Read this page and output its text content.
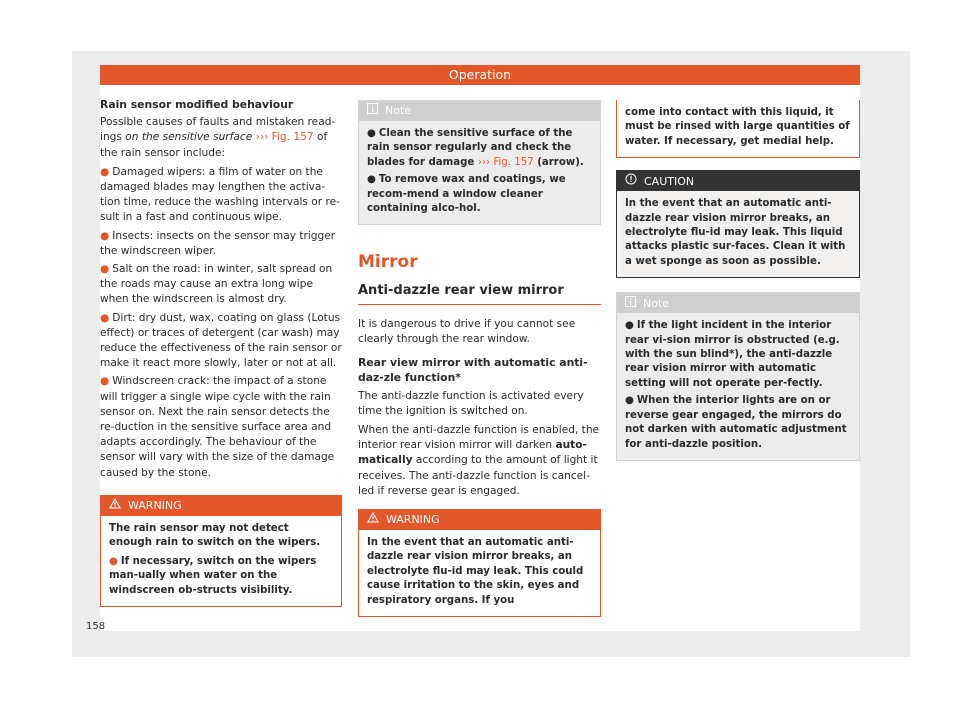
Operation

Rain sensor modified behaviour

Possible causes of faults and mistaken read-ings on the sensitive surface ››› Fig. 157 of the rain sensor include:

● Damaged wipers: a film of water on the damaged blades may lengthen the activa-tion time, reduce the washing intervals or re-sult in a fast and continuous wipe.

● Insects: insects on the sensor may trigger the windscreen wiper.

● Salt on the road: in winter, salt spread on the roads may cause an extra long wipe when the windscreen is almost dry.

● Dirt: dry dust, wax, coating on glass (Lotus effect) or traces of detergent (car wash) may reduce the effectiveness of the rain sensor or make it react more slowly, later or not at all.

● Windscreen crack: the impact of a stone will trigger a single wipe cycle with the rain sensor on. Next the rain sensor detects the re-duction in the sensitive surface area and adapts accordingly. The behaviour of the sensor will vary with the size of the damage caused by the stone.

WARNING

The rain sensor may not detect enough rain to switch on the wipers.

● If necessary, switch on the wipers man-ually when water on the windscreen ob-structs visibility.

Note

● Clean the sensitive surface of the rain sensor regularly and check the blades for damage ››› Fig. 157 (arrow).

● To remove wax and coatings, we recom-mend a window cleaner containing alco-hol.

Mirror
Anti-dazzle rear view mirror

It is dangerous to drive if you cannot see clearly through the rear window.

Rear view mirror with automatic anti-daz-zle function*

The anti-dazzle function is activated every time the ignition is switched on.

When the anti-dazzle function is enabled, the interior rear vision mirror will darken auto-matically according to the amount of light it receives. The anti-dazzle function is cancel-led if reverse gear is engaged.

WARNING

In the event that an automatic anti-dazzle rear vision mirror breaks, an electrolyte flu-id may leak. This could cause irritation to the skin, eyes and respiratory organs. If you

come into contact with this liquid, it must be rinsed with large quantities of water. If necessary, get medial help.

CAUTION

In the event that an automatic anti-dazzle rear vision mirror breaks, an electrolyte flu-id may leak. This liquid attacks plastic sur-faces. Clean it with a wet sponge as soon as possible.

Note

● If the light incident in the interior rear vi-sion mirror is obstructed (e.g. with the sun blind*), the anti-dazzle rear vision mirror with automatic setting will not operate per-fectly.

● When the interior lights are on or reverse gear engaged, the mirrors do not darken with automatic adjustment for anti-dazzle position.

158
